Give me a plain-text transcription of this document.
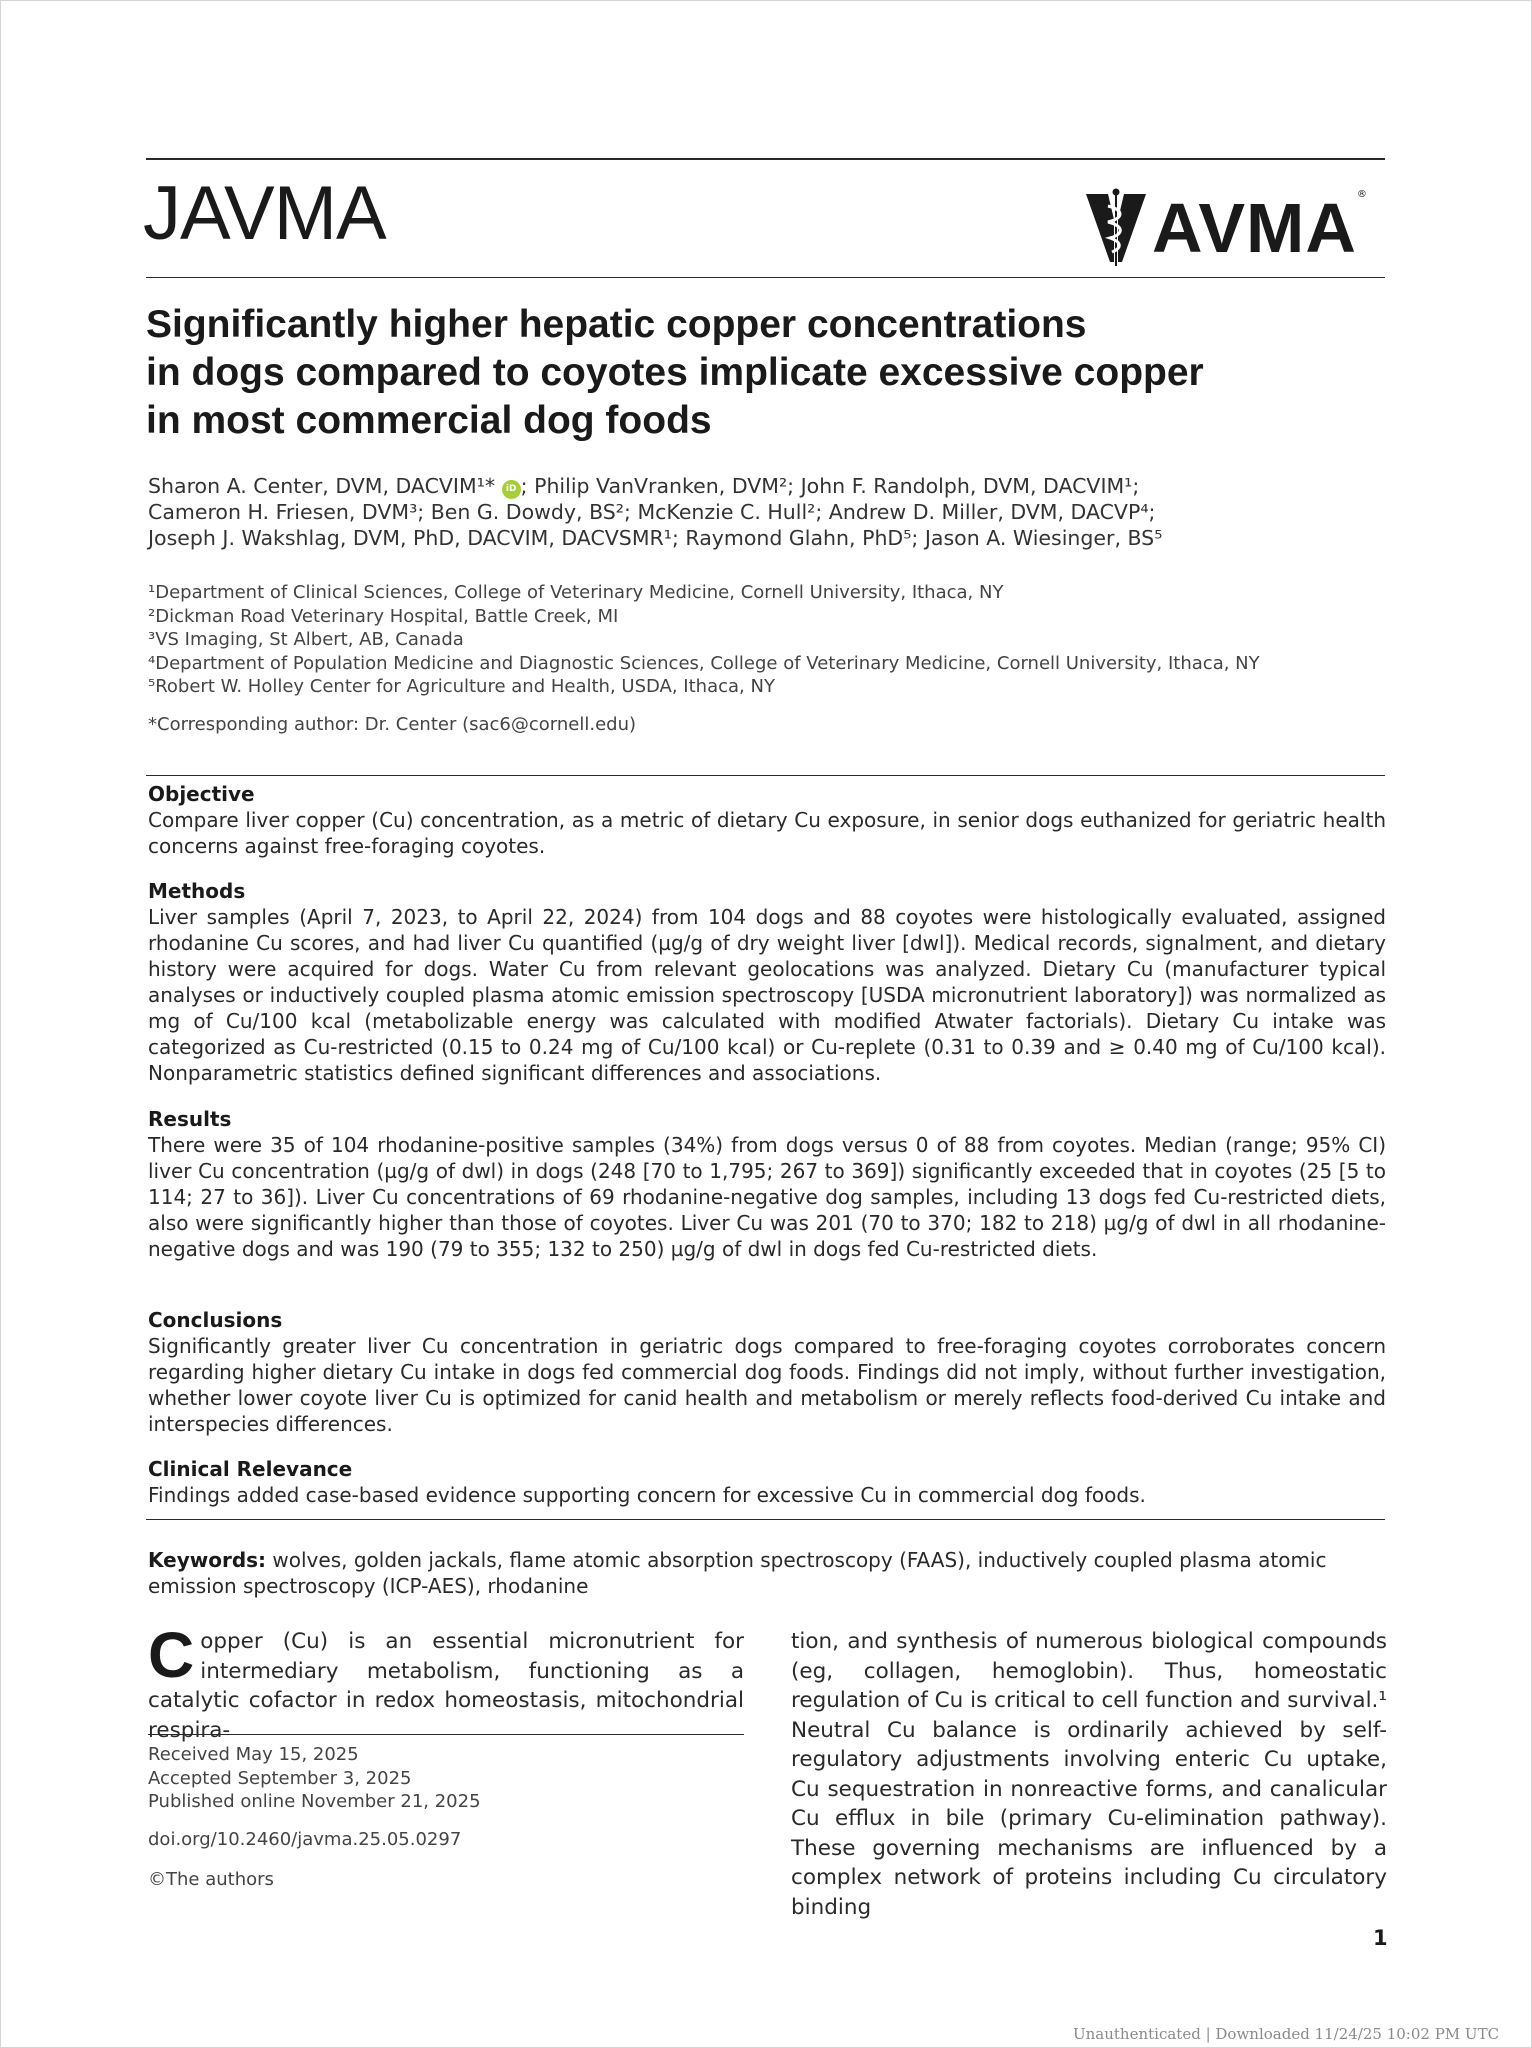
JAVMA	AVMA ®
Significantly higher hepatic copper concentrations
in dogs compared to coyotes implicate excessive copper
in most commercial dog foods
Sharon A. Center, DVM, DACVIM¹* iD ; Philip VanVranken, DVM²; John F. Randolph, DVM, DACVIM¹;
Cameron H. Friesen, DVM³; Ben G. Dowdy, BS²; McKenzie C. Hull²; Andrew D. Miller, DVM, DACVP⁴;
Joseph J. Wakshlag, DVM, PhD, DACVIM, DACVSMR¹; Raymond Glahn, PhD⁵; Jason A. Wiesinger, BS⁵
¹Department of Clinical Sciences, College of Veterinary Medicine, Cornell University, Ithaca, NY
²Dickman Road Veterinary Hospital, Battle Creek, MI
³VS Imaging, St Albert, AB, Canada
⁴Department of Population Medicine and Diagnostic Sciences, College of Veterinary Medicine, Cornell University, Ithaca, NY
⁵Robert W. Holley Center for Agriculture and Health, USDA, Ithaca, NY
*Corresponding author: Dr. Center (sac6@cornell.edu)
Objective

Compare liver copper (Cu) concentration, as a metric of dietary Cu exposure, in senior dogs euthanized for geriatric health concerns against free-foraging coyotes.

Methods

Liver samples (April 7, 2023, to April 22, 2024) from 104 dogs and 88 coyotes were histologically evaluated, assigned rhodanine Cu scores, and had liver Cu quantified (µg/g of dry weight liver [dwl]). Medical records, signalment, and dietary history were acquired for dogs. Water Cu from relevant geolocations was analyzed. Dietary Cu (manufacturer typical analyses or inductively coupled plasma atomic emission spectroscopy [USDA micronutrient laboratory]) was normalized as mg of Cu/100 kcal (metabolizable energy was calculated with modified Atwater factorials). Dietary Cu intake was categorized as Cu-restricted (0.15 to 0.24 mg of Cu/100 kcal) or Cu-replete (0.31 to 0.39 and ≥ 0.40 mg of Cu/100 kcal). Nonparametric statistics defined significant differences and associations.

Results

There were 35 of 104 rhodanine-positive samples (34%) from dogs versus 0 of 88 from coyotes. Median (range; 95% CI) liver Cu concentration (µg/g of dwl) in dogs (248 [70 to 1,795; 267 to 369]) significantly exceeded that in coyotes (25 [5 to 114; 27 to 36]). Liver Cu concentrations of 69 rhodanine-negative dog samples, including 13 dogs fed Cu-restricted diets, also were significantly higher than those of coyotes. Liver Cu was 201 (70 to 370; 182 to 218) µg/g of dwl in all rhodanine-negative dogs and was 190 (79 to 355; 132 to 250) µg/g of dwl in dogs fed Cu-restricted diets.

Conclusions

Significantly greater liver Cu concentration in geriatric dogs compared to free-foraging coyotes corroborates concern regarding higher dietary Cu intake in dogs fed commercial dog foods. Findings did not imply, without further investigation, whether lower coyote liver Cu is optimized for canid health and metabolism or merely reflects food-derived Cu intake and interspecies differences.

Clinical Relevance

Findings added case-based evidence supporting concern for excessive Cu in commercial dog foods.

Keywords: wolves, golden jackals, flame atomic absorption spectroscopy (FAAS), inductively coupled plasma atomic emission spectroscopy (ICP-AES), rhodanine
Copper (Cu) is an essential micronutrient for intermediary metabolism, functioning as a catalytic cofactor in redox homeostasis, mitochondrial respira-
Received May 15, 2025
Accepted September 3, 2025
Published online November 21, 2025
doi.org/10.2460/javma.25.05.0297
©The authors
tion, and synthesis of numerous biological compounds (eg, collagen, hemoglobin). Thus, homeostatic regulation of Cu is critical to cell function and survival.¹ Neutral Cu balance is ordinarily achieved by self-regulatory adjustments involving enteric Cu uptake, Cu sequestration in nonreactive forms, and canalicular Cu efflux in bile (primary Cu-elimination pathway). These governing mechanisms are influenced by a complex network of proteins including Cu circulatory binding
1
Unauthenticated | Downloaded 11/24/25 10:02 PM UTC
